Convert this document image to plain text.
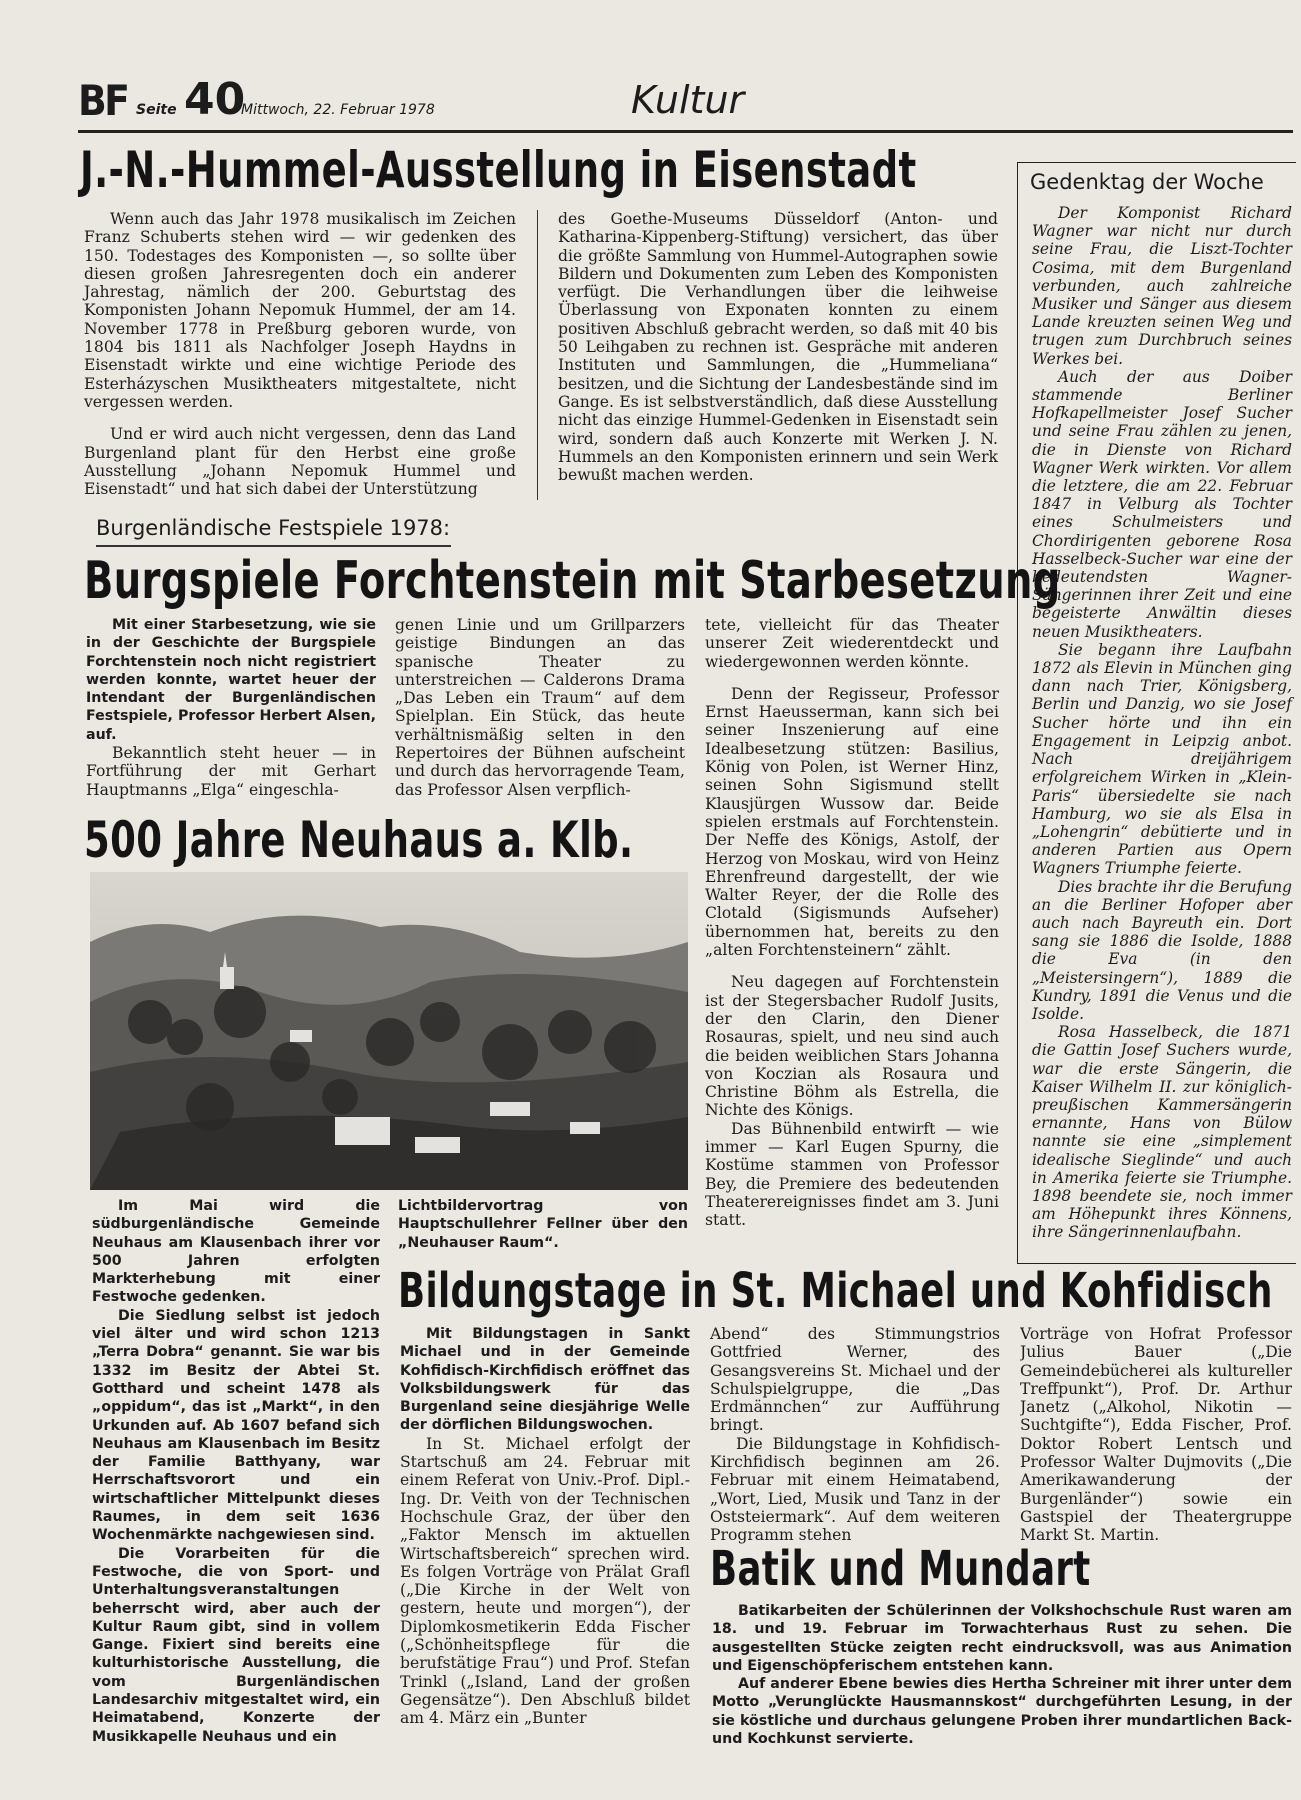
BF Seite 40
Mittwoch, 22. Februar 1978	Kultur
J.-N.-Hummel-Ausstellung in Eisenstadt

Wenn auch das Jahr 1978 musikalisch im Zeichen Franz Schuberts stehen wird — wir gedenken des 150. Todestages des Komponisten —, so sollte über diesen großen Jahresregenten doch ein anderer Jahrestag, nämlich der 200. Geburtstag des Komponisten Johann Nepomuk Hummel, der am 14. November 1778 in Preßburg geboren wurde, von 1804 bis 1811 als Nachfolger Joseph Haydns in Eisenstadt wirkte und eine wichtige Periode des Esterházyschen Musiktheaters mitgestaltete, nicht vergessen werden.

Und er wird auch nicht vergessen, denn das Land Burgenland plant für den Herbst eine große Ausstellung „Johann Nepomuk Hummel und Eisenstadt“ und hat sich dabei der Unterstützung

des Goethe-Museums Düsseldorf (Anton- und Katharina-Kippenberg-Stiftung) versichert, das über die größte Sammlung von Hummel-Autographen sowie Bildern und Dokumenten zum Leben des Komponisten verfügt. Die Verhandlungen über die leihweise Überlassung von Exponaten konnten zu einem positiven Abschluß gebracht werden, so daß mit 40 bis 50 Leihgaben zu rechnen ist. Gespräche mit anderen Instituten und Sammlungen, die „Hummeliana“ besitzen, und die Sichtung der Landesbestände sind im Gange. Es ist selbstverständlich, daß diese Ausstellung nicht das einzige Hummel-Gedenken in Eisenstadt sein wird, sondern daß auch Konzerte mit Werken J. N. Hummels an den Komponisten erinnern und sein Werk bewußt machen werden.

Gedenktag der Woche

Der Komponist Richard Wagner war nicht nur durch seine Frau, die Liszt-Tochter Cosima, mit dem Burgenland verbunden, auch zahlreiche Musiker und Sänger aus diesem Lande kreuzten seinen Weg und trugen zum Durchbruch seines Werkes bei.

Auch der aus Doiber stammende Berliner Hofkapellmeister Josef Sucher und seine Frau zählen zu jenen, die in Dienste von Richard Wagner Werk wirkten. Vor allem die letztere, die am 22. Februar 1847 in Velburg als Tochter eines Schulmeisters und Chordirigenten geborene Rosa Hasselbeck-Sucher war eine der bedeutendsten Wagner-Sängerinnen ihrer Zeit und eine begeisterte Anwältin dieses neuen Musiktheaters.

Sie begann ihre Laufbahn 1872 als Elevin in München ging dann nach Trier, Königsberg, Berlin und Danzig, wo sie Josef Sucher hörte und ihn ein Engagement in Leipzig anbot. Nach dreijährigem erfolgreichem Wirken in „Klein-Paris“ übersiedelte sie nach Hamburg, wo sie als Elsa in „Lohengrin“ debütierte und in anderen Partien aus Opern Wagners Triumphe feierte.

Dies brachte ihr die Berufung an die Berliner Hofoper aber auch nach Bayreuth ein. Dort sang sie 1886 die Isolde, 1888 die Eva (in den „Meistersingern“), 1889 die Kundry, 1891 die Venus und die Isolde.

Rosa Hasselbeck, die 1871 die Gattin Josef Suchers wurde, war die erste Sängerin, die Kaiser Wilhelm II. zur königlich-preußischen Kammersängerin ernannte, Hans von Bülow nannte sie eine „simplement idealische Sieglinde“ und auch in Amerika feierte sie Triumphe. 1898 beendete sie, noch immer am Höhepunkt ihres Könnens, ihre Sängerinnenlaufbahn.

Burgenländische Festspiele 1978:
Burgspiele Forchtenstein mit Starbesetzung

Mit einer Starbesetzung, wie sie in der Geschichte der Burgspiele Forchtenstein noch nicht registriert werden konnte, wartet heuer der Intendant der Burgenländischen Festspiele, Professor Herbert Alsen, auf.

Bekanntlich steht heuer — in Fortführung der mit Gerhart Hauptmanns „Elga“ eingeschla-

genen Linie und um Grillparzers geistige Bindungen an das spanische Theater zu unterstreichen — Calderons Drama „Das Leben ein Traum“ auf dem Spielplan. Ein Stück, das heute verhältnismäßig selten in den Repertoires der Bühnen aufscheint und durch das hervorragende Team, das Professor Alsen verpflich-

tete, vielleicht für das Theater unserer Zeit wiederentdeckt und wiedergewonnen werden könnte.

Denn der Regisseur, Professor Ernst Haeusserman, kann sich bei seiner Inszenierung auf eine Idealbesetzung stützen: Basilius, König von Polen, ist Werner Hinz, seinen Sohn Sigismund stellt Klausjürgen Wussow dar. Beide spielen erstmals auf Forchtenstein. Der Neffe des Königs, Astolf, der Herzog von Moskau, wird von Heinz Ehrenfreund dargestellt, der wie Walter Reyer, der die Rolle des Clotald (Sigismunds Aufseher) übernommen hat, bereits zu den „alten Forchtensteinern“ zählt.

Neu dagegen auf Forchtenstein ist der Stegersbacher Rudolf Jusits, der den Clarin, den Diener Rosauras, spielt, und neu sind auch die beiden weiblichen Stars Johanna von Koczian als Rosaura und Christine Böhm als Estrella, die Nichte des Königs.

Das Bühnenbild entwirft — wie immer — Karl Eugen Spurny, die Kostüme stammen von Professor Bey, die Premiere des bedeutenden Theaterereignisses findet am 3. Juni statt.

500 Jahre Neuhaus a. Klb.

Im Mai wird die südburgenländische Gemeinde Neuhaus am Klausenbach ihrer vor 500 Jahren erfolgten Markterhebung mit einer Festwoche gedenken.

Die Siedlung selbst ist jedoch viel älter und wird schon 1213 „Terra Dobra“ genannt. Sie war bis 1332 im Besitz der Abtei St. Gotthard und scheint 1478 als „oppidum“, das ist „Markt“, in den Urkunden auf. Ab 1607 befand sich Neuhaus am Klausenbach im Besitz der Familie Batthyany, war Herrschaftsvorort und ein wirtschaftlicher Mittelpunkt dieses Raumes, in dem seit 1636 Wochenmärkte nachgewiesen sind.

Die Vorarbeiten für die Festwoche, die von Sport- und Unterhaltungsveranstaltungen beherrscht wird, aber auch der Kultur Raum gibt, sind in vollem Gange. Fixiert sind bereits eine kulturhistorische Ausstellung, die vom Burgenländischen Landesarchiv mitgestaltet wird, ein Heimatabend, Konzerte der Musikkapelle Neuhaus und ein

Lichtbildervortrag von Hauptschullehrer Fellner über den „Neuhauser Raum“.

Bildungstage in St. Michael und Kohfidisch

Mit Bildungstagen in Sankt Michael und in der Gemeinde Kohfidisch-Kirchfidisch eröffnet das Volksbildungswerk für das Burgenland seine diesjährige Welle der dörflichen Bildungswochen.

In St. Michael erfolgt der Startschuß am 24. Februar mit einem Referat von Univ.-Prof. Dipl.-Ing. Dr. Veith von der Technischen Hochschule Graz, der über den „Faktor Mensch im aktuellen Wirtschaftsbereich“ sprechen wird. Es folgen Vorträge von Prälat Grafl („Die Kirche in der Welt von gestern, heute und morgen“), der Diplomkosmetikerin Edda Fischer („Schönheitspflege für die berufstätige Frau“) und Prof. Stefan Trinkl („Island, Land der großen Gegensätze“). Den Abschluß bildet am 4. März ein „Bunter

Abend“ des Stimmungstrios Gottfried Werner, des Gesangsvereins St. Michael und der Schulspielgruppe, die „Das Erdmännchen“ zur Aufführung bringt.

Die Bildungstage in Kohfidisch-Kirchfidisch beginnen am 26. Februar mit einem Heimatabend, „Wort, Lied, Musik und Tanz in der Oststeiermark“. Auf dem weiteren Programm stehen

Vorträge von Hofrat Professor Julius Bauer („Die Gemeindebücherei als kultureller Treffpunkt“), Prof. Dr. Arthur Janetz („Alkohol, Nikotin — Suchtgifte“), Edda Fischer, Prof. Doktor Robert Lentsch und Professor Walter Dujmovits („Die Amerikawanderung der Burgenländer“) sowie ein Gastspiel der Theatergruppe Markt St. Martin.

Batik und Mundart

Batikarbeiten der Schülerinnen der Volkshochschule Rust waren am 18. und 19. Februar im Torwachterhaus Rust zu sehen. Die ausgestellten Stücke zeigten recht eindrucksvoll, was aus Animation und Eigenschöpferischem entstehen kann.

Auf anderer Ebene bewies dies Hertha Schreiner mit ihrer unter dem Motto „Verunglückte Hausmannskost“ durchgeführten Lesung, in der sie köstliche und durchaus gelungene Proben ihrer mundartlichen Back- und Kochkunst servierte.
